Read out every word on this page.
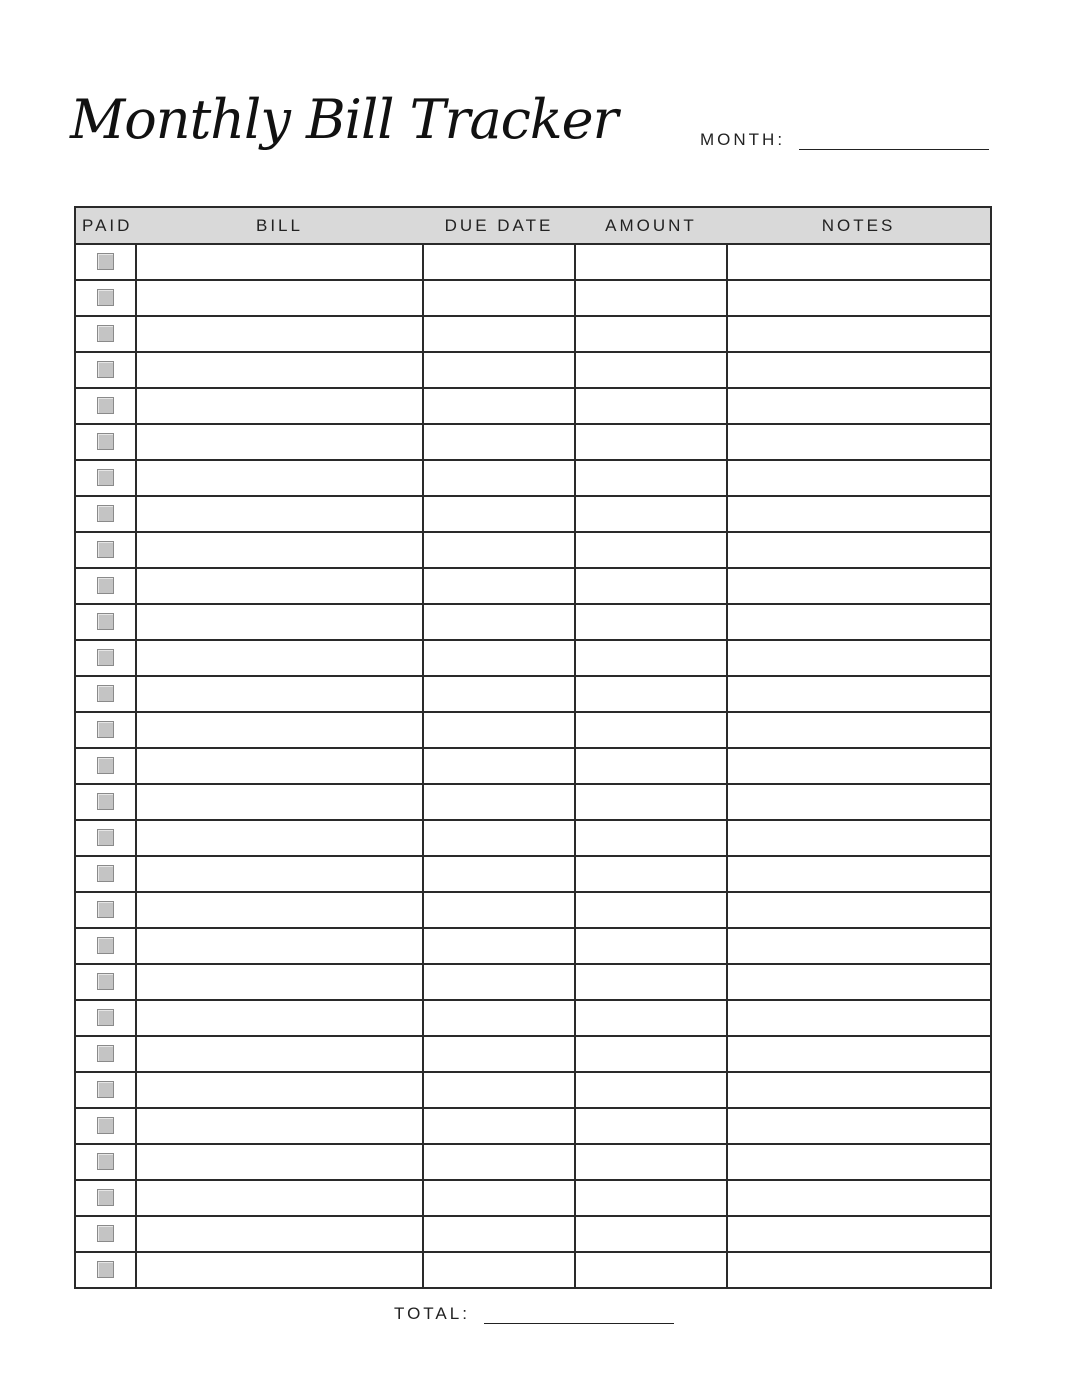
Monthly Bill Tracker	MONTH:
PAID	BILL	DUE DATE	AMOUNT	NOTES

TOTAL:
